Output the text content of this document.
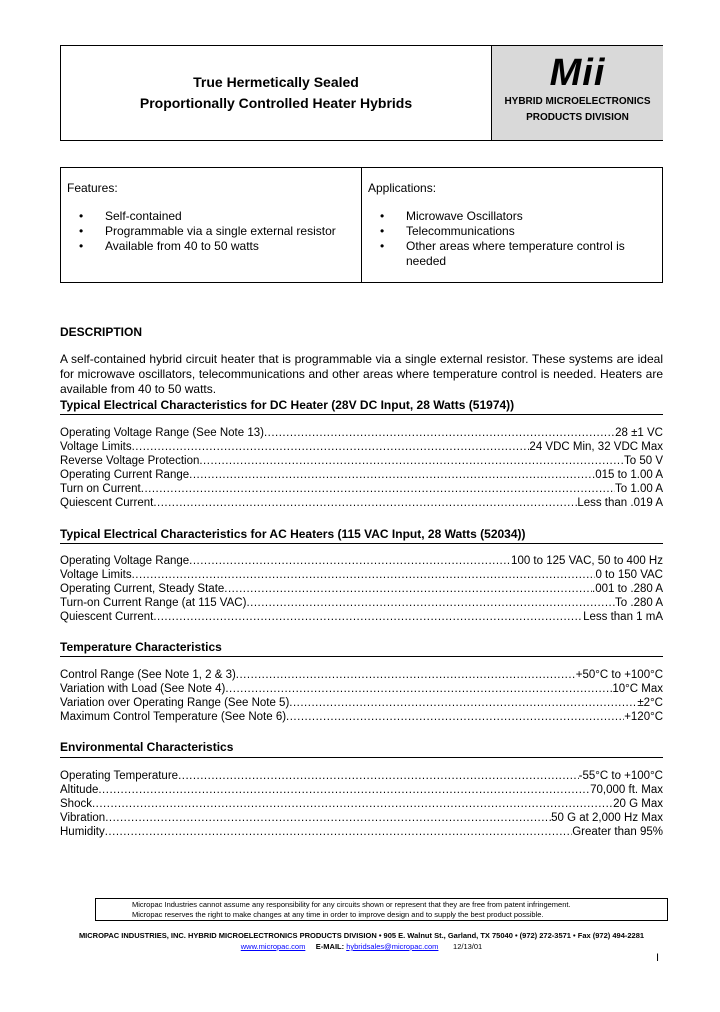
True Hermetically Sealed
Proportionally Controlled Heater Hybrids
Mii
HYBRID MICROELECTRONICS
PRODUCTS DIVISION
Features:
• Self-contained
• Programmable via a single external resistor
• Available from 40 to 50 watts
Applications:
• Microwave Oscillators
• Telecommunications
• Other areas where temperature control is needed
DESCRIPTION
A self-contained hybrid circuit heater that is programmable via a single external resistor. These systems are ideal for microwave oscillators, telecommunications and other areas where temperature control is needed. Heaters are available from 40 to 50 watts.
Typical Electrical Characteristics for DC Heater (28V DC Input, 28 Watts (51974))
Operating Voltage Range (See Note 13) .....	28 ±1 VC
Voltage Limits .....	24 VDC Min, 32 VDC Max
Reverse Voltage Protection .....	To 50 V
Operating Current Range .....	.015 to 1.00 A
Turn on Current .....	To 1.00 A
Quiescent Current .....	Less than .019 A
Typical Electrical Characteristics for AC Heaters (115 VAC Input, 28 Watts (52034))
Operating Voltage Range .....	100 to 125 VAC, 50 to 400 Hz
Voltage Limits .....	0 to 150 VAC
Operating Current, Steady State .....	.001 to .280 A
Turn-on Current Range (at 115 VAC) .....	To .280 A
Quiescent Current .....	Less than 1 mA
Temperature Characteristics
Control Range (See Note 1, 2 & 3) .....	+50°C to +100°C
Variation with Load (See Note 4) .....	10°C Max
Variation over Operating Range (See Note 5) .....	±2°C
Maximum Control Temperature (See Note 6) .....	+120°C
Environmental Characteristics
Operating Temperature .....	-55°C to +100°C
Altitude .....	70,000 ft. Max
Shock .....	20 G Max
Vibration .....	50 G at 2,000 Hz Max
Humidity .....	Greater than 95%
Micropac Industries cannot assume any responsibility for any circuits shown or represent that they are free from patent infringement.
Micropac reserves the right to make changes at any time in order to improve design and to supply the best product possible.
MICROPAC INDUSTRIES, INC. HYBRID MICROELECTRONICS PRODUCTS DIVISION • 905 E. Walnut St., Garland, TX 75040 • (972) 272-3571 • Fax (972) 494-2281
www.micropac.com E-MAIL: hybridsales@micropac.com 12/13/01
I
